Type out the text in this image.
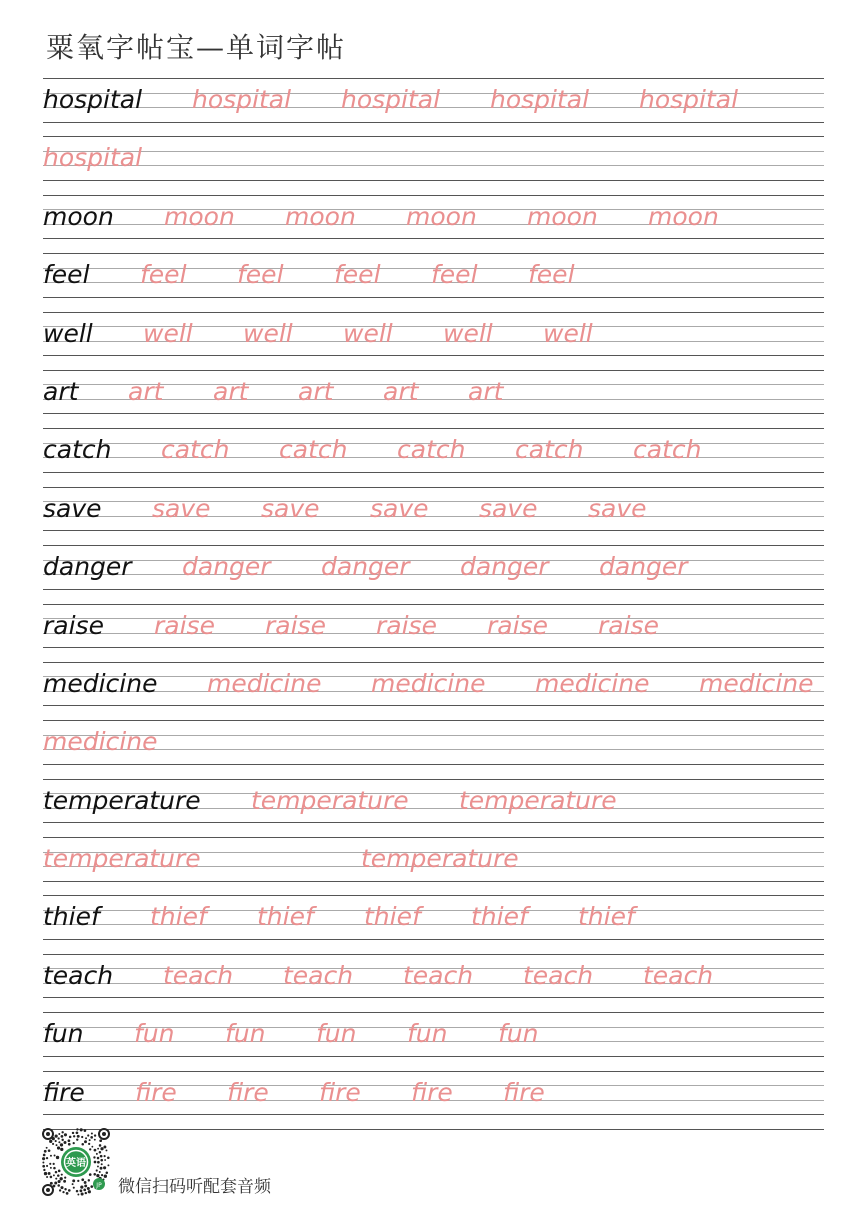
粟氧字帖宝—单词字帖
hospital hospital hospital hospital hospital
hospital
moon moon moon moon moon moon
feel feel feel feel feel feel
well well well well well well
art art art art art art
catch catch catch catch catch catch
save save save save save save
danger danger danger danger danger
raise raise raise raise raise raise
medicine medicine medicine medicine medicine
medicine
temperature temperature temperature
temperature	temperature
thief thief thief thief thief thief
teach teach teach teach teach teach
fun fun fun fun fun fun
fire fire fire fire fire fire
英语
JP 微信扫码听配套音频
